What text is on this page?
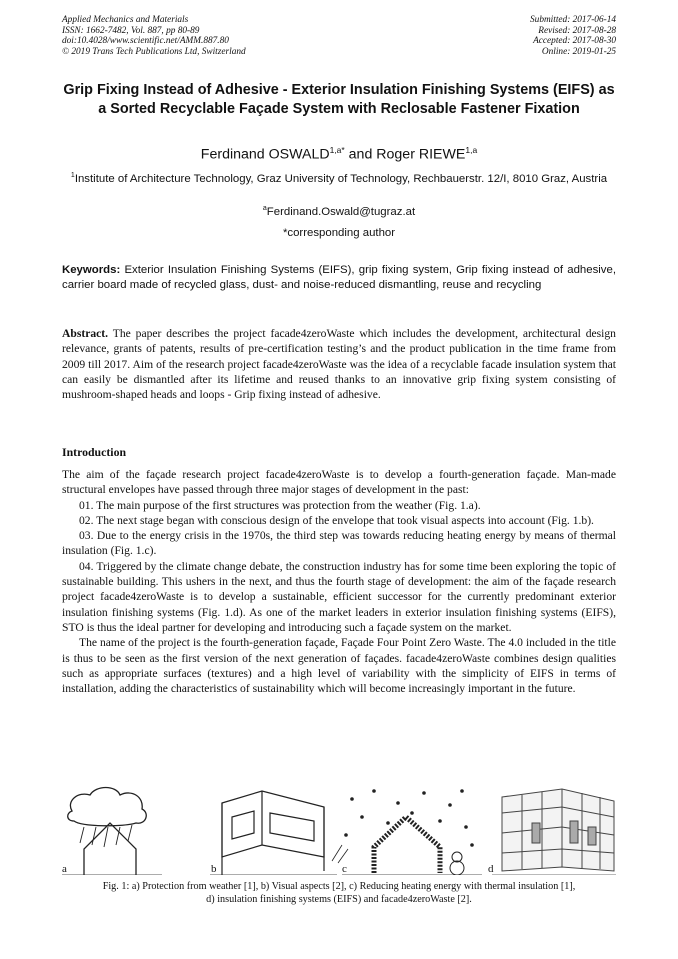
Applied Mechanics and Materials
ISSN: 1662-7482, Vol. 887, pp 80-89
doi:10.4028/www.scientific.net/AMM.887.80
© 2019 Trans Tech Publications Ltd, Switzerland
Submitted: 2017-06-14
Revised: 2017-08-28
Accepted: 2017-08-30
Online: 2019-01-25
Grip Fixing Instead of Adhesive - Exterior Insulation Finishing Systems (EIFS) as a Sorted Recyclable Façade System with Reclosable Fastener Fixation
Ferdinand $OSWALD^{1,a*}$ and Roger RIEWE$^{1,a}$
$^1$Institute of Architecture Technology, Graz University of Technology, Rechbauerstr. 12/I, 8010 Graz, Austria
$^a$Ferdinand.Oswald@tugraz.at
*corresponding author
Keywords: Exterior Insulation Finishing Systems (EIFS), grip fixing system, Grip fixing instead of adhesive, carrier board made of recycled glass, dust- and noise-reduced dismantling, reuse and recycling
Abstract. The paper describes the project facade4zeroWaste which includes the development, architectural design relevance, grants of patents, results of pre-certification testing’s and the product publication in the time frame from 2009 till 2017. Aim of the research project facade4zeroWaste was the idea of a recyclable facade insulation system that can easily be dismantled after its lifetime and reused thanks to an innovative grip fixing system consisting of mushroom-shaped heads and loops - Grip fixing instead of adhesive.
Introduction

The aim of the façade research project facade4zeroWaste is to develop a fourth-generation façade. Man-made structural envelopes have passed through three major stages of development in the past:

01. The main purpose of the first structures was protection from the weather (Fig. 1.a).

02. The next stage began with conscious design of the envelope that took visual aspects into account (Fig. 1.b).

03. Due to the energy crisis in the 1970s, the third step was towards reducing heating energy by means of thermal insulation (Fig. 1.c).

04. Triggered by the climate change debate, the construction industry has for some time been exploring the topic of sustainable building. This ushers in the next, and thus the fourth stage of development: the aim of the façade research project facade4zeroWaste is to develop a sustainable, efficient successor for the currently predominant exterior insulation finishing systems (Fig. 1.d). As one of the market leaders in exterior insulation finishing systems (EIFS), STO is thus the ideal partner for developing and introducing such a façade system on the market.

The name of the project is the fourth-generation façade, Façade Four Point Zero Waste. The 4.0 included in the title is thus to be seen as the first version of the next generation of façades. facade4zeroWaste combines design qualities such as appropriate surfaces (textures) and a high level of variability with the simplicity of EIFS in terms of installation, adding the characteristics of sustainability which will become increasingly important in the future.

a	b	c	d
Fig. 1: a) Protection from weather [1], b) Visual aspects [2], c) Reducing heating energy with thermal insulation [1],
d) insulation finishing systems (EIFS) and facade4zeroWaste [2].
